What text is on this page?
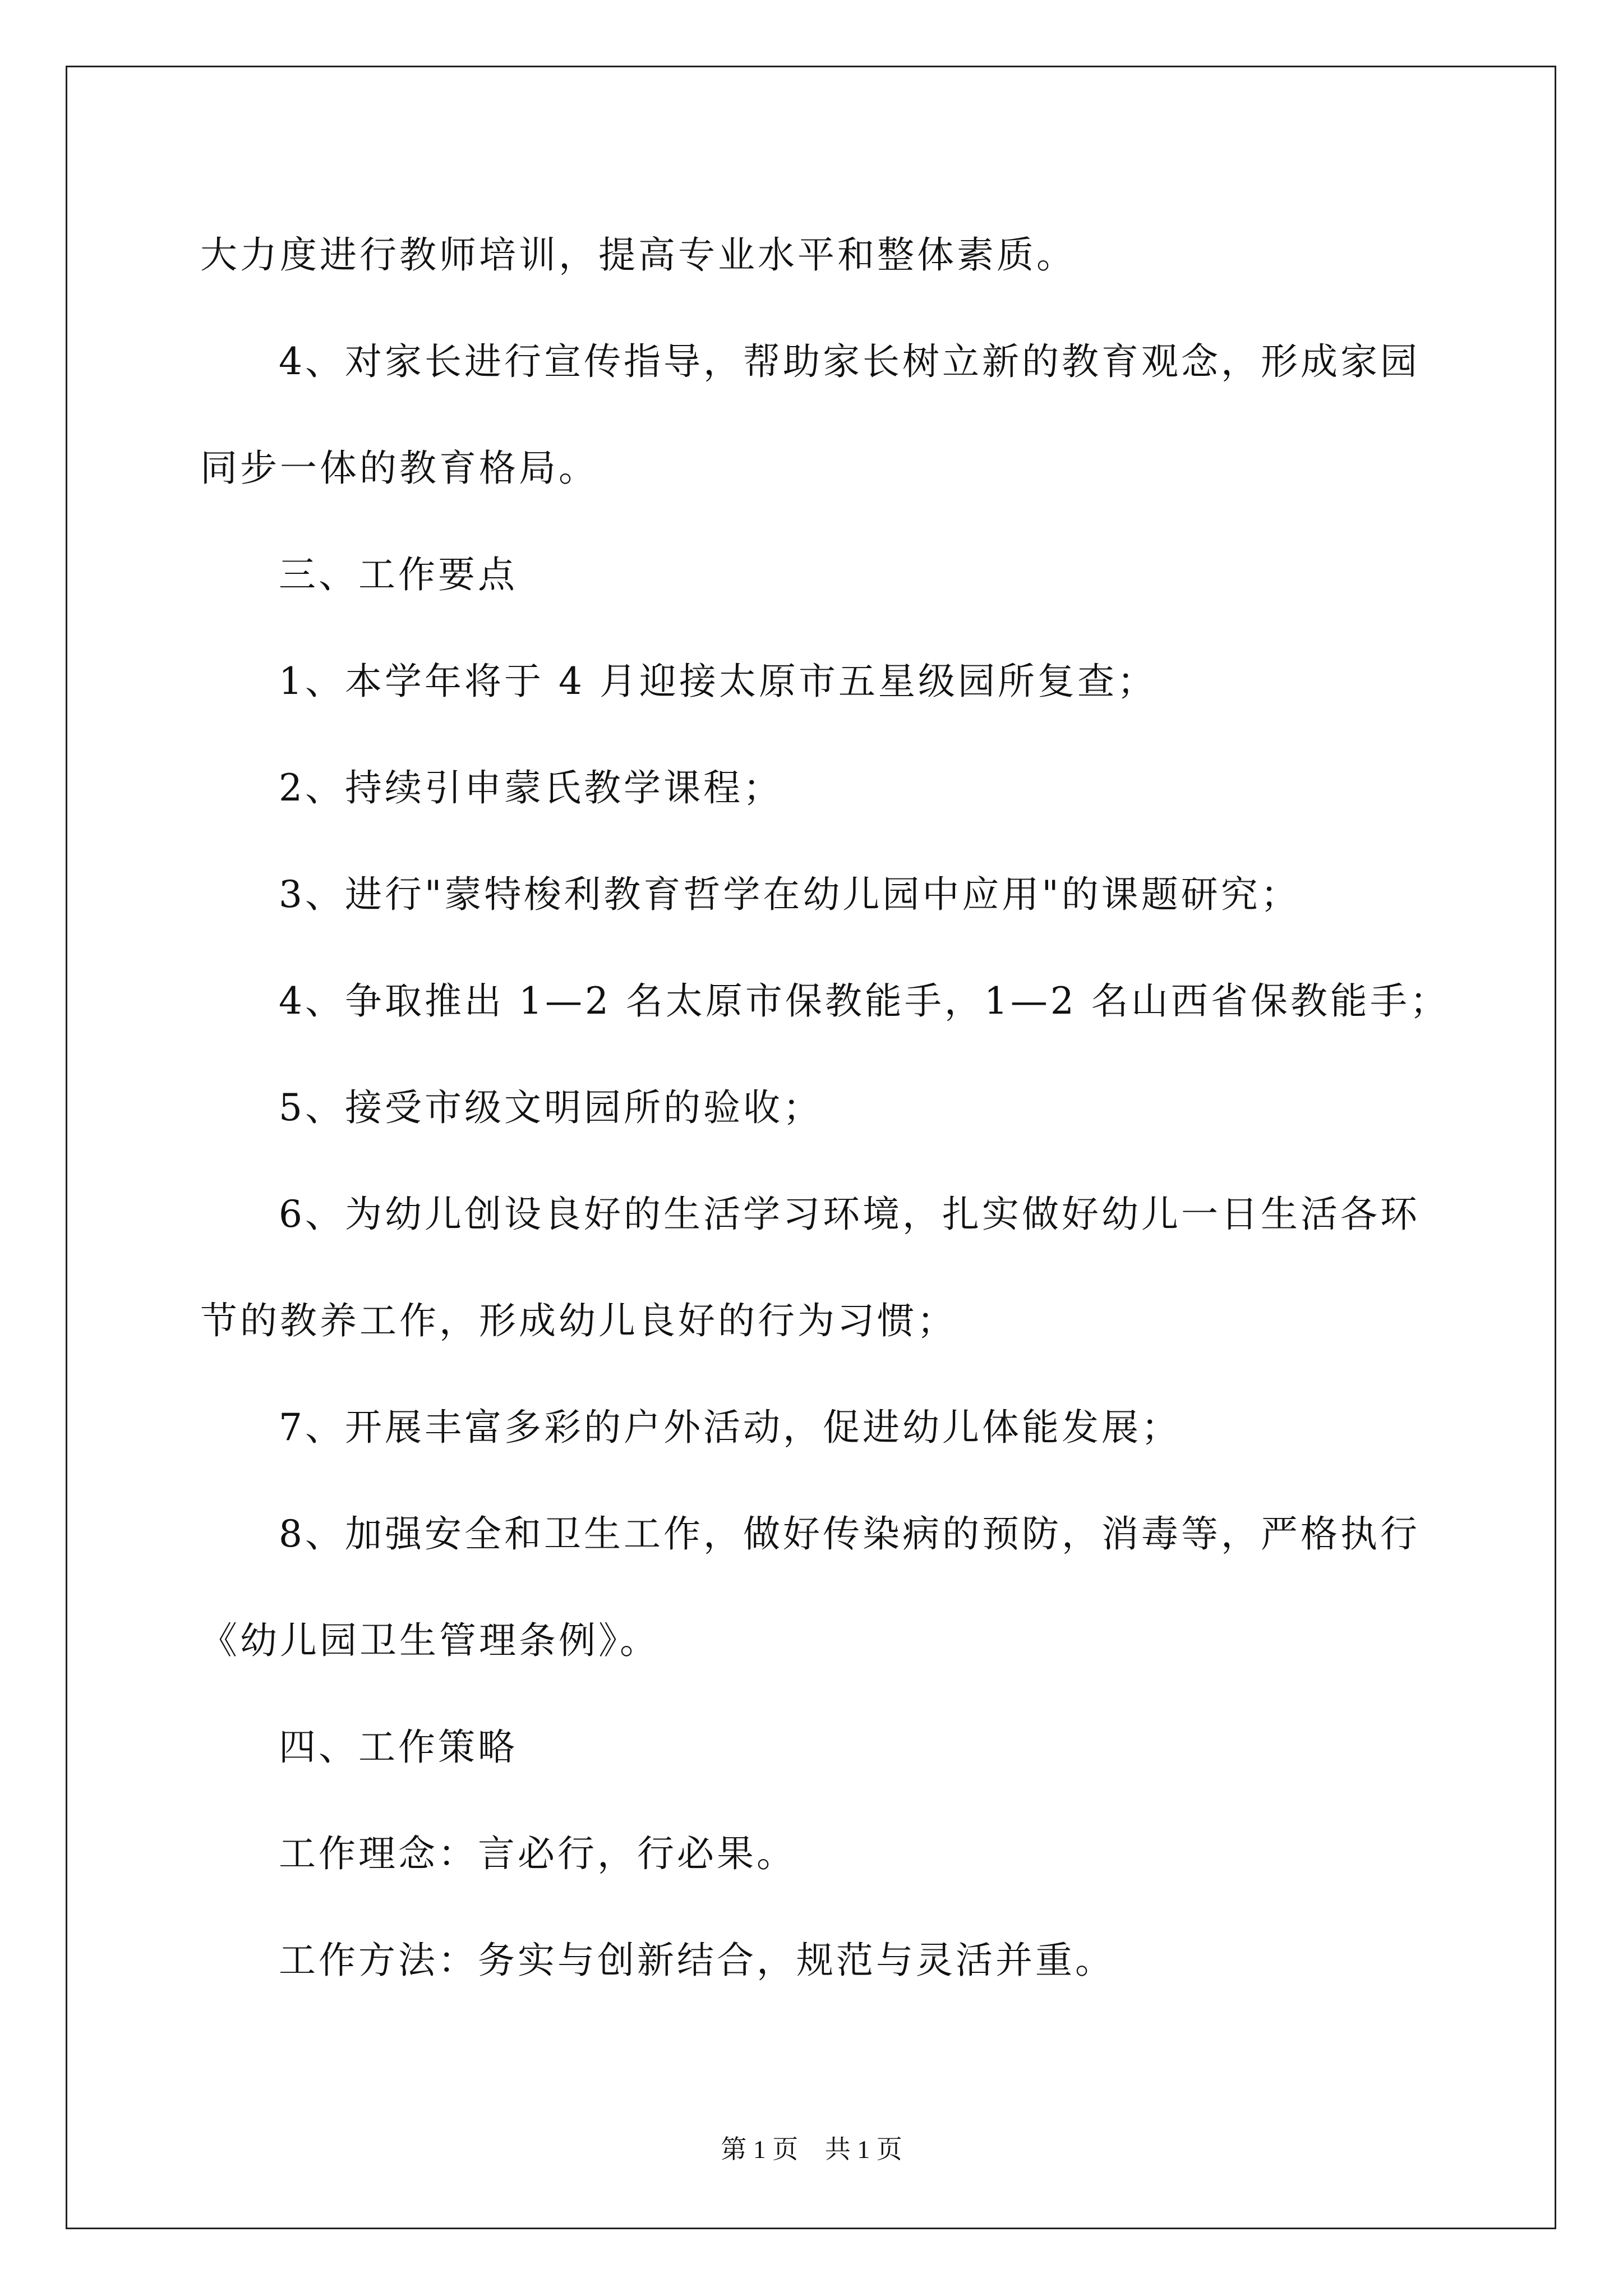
大力度进行教师培训，提高专业水平和整体素质。

4、对家长进行宣传指导，帮助家长树立新的教育观念，形成家园

同步一体的教育格局。

三、工作要点

1、本学年将于 4 月迎接太原市五星级园所复查；

2、持续引申蒙氏教学课程；

3、进行"蒙特梭利教育哲学在幼儿园中应用"的课题研究；

4、争取推出 1—2 名太原市保教能手，1—2 名山西省保教能手；

5、接受市级文明园所的验收；

6、为幼儿创设良好的生活学习环境，扎实做好幼儿一日生活各环

节的教养工作，形成幼儿良好的行为习惯；

7、开展丰富多彩的户外活动，促进幼儿体能发展；

8、加强安全和卫生工作，做好传染病的预防，消毒等，严格执行

《幼儿园卫生管理条例》。

四、工作策略

工作理念：言必行，行必果。

工作方法：务实与创新结合，规范与灵活并重。

第 1 页 共 1 页
